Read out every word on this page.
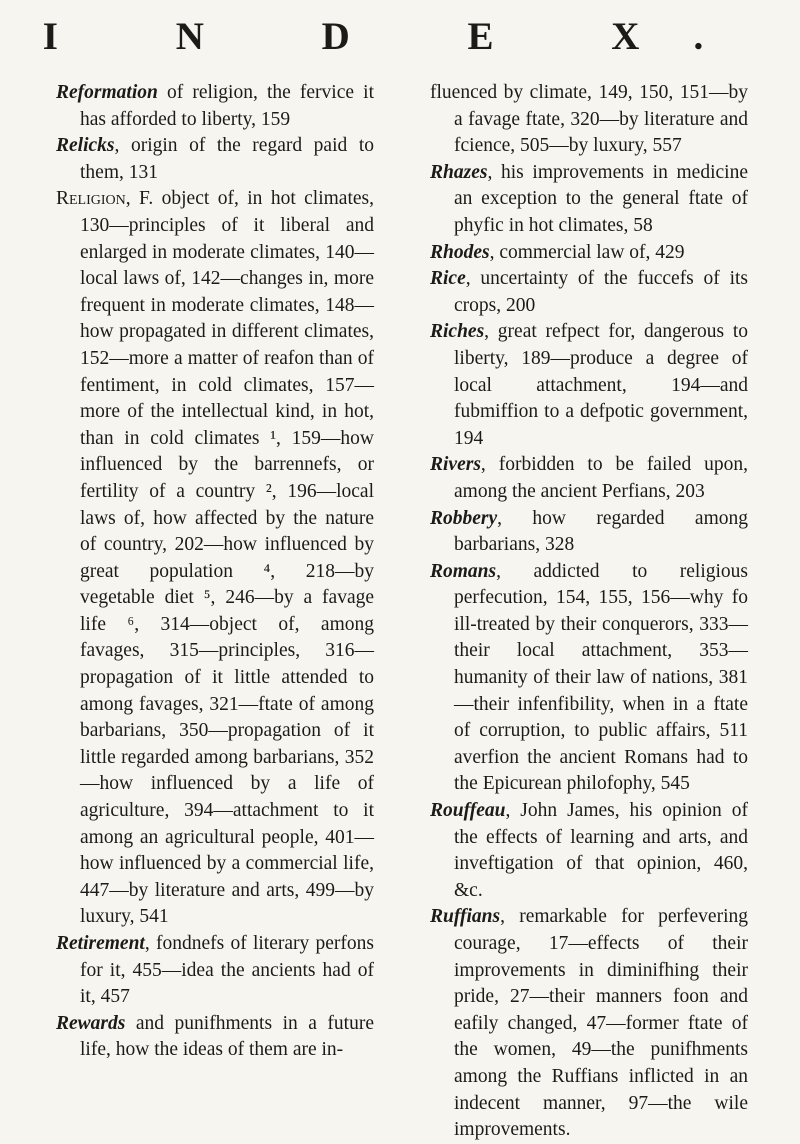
I N D E X.

Reformation of religion, the fervice it has afforded to liberty, 159

Relicks, origin of the regard paid to them, 131

Religion, F. object of, in hot climates, 130—principles of it liberal and enlarged in moderate climates, 140—local laws of, 142—changes in, more frequent in moderate climates, 148—how propagated in different climates, 152—more a matter of reafon than of fentiment, in cold climates, 157—more of the intellectual kind, in hot, than in cold climates ¹, 159—how influenced by the barrennefs, or fertility of a country ², 196—local laws of, how affected by the nature of country, 202—how influenced by great population ⁴, 218—by vegetable diet ⁵, 246—by a favage life ⁶, 314—object of, among favages, 315—principles, 316—propagation of it little attended to among favages, 321—ftate of among barbarians, 350—propagation of it little regarded among barbarians, 352—how influenced by a life of agriculture, 394—attachment to it among an agricultural people, 401—how influenced by a commercial life, 447—by literature and arts, 499—by luxury, 541

Retirement, fondnefs of literary perfons for it, 455—idea the ancients had of it, 457

Rewards and punifhments in a future life, how the ideas of them are in-

fluenced by climate, 149, 150, 151—by a favage ftate, 320—by literature and fcience, 505—by luxury, 557

Rhazes, his improvements in medicine an exception to the general ftate of phyfic in hot climates, 58

Rhodes, commercial law of, 429

Rice, uncertainty of the fuccefs of its crops, 200

Riches, great refpect for, dangerous to liberty, 189—produce a degree of local attachment, 194—and fubmiffion to a defpotic government, 194

Rivers, forbidden to be failed upon, among the ancient Perfians, 203

Robbery, how regarded among barbarians, 328

Romans, addicted to religious perfecution, 154, 155, 156—why fo ill-treated by their conquerors, 333—their local attachment, 353—humanity of their law of nations, 381—their infenfibility, when in a ftate of corruption, to public affairs, 511 averfion the ancient Romans had to the Epicurean philofophy, 545

Rouffeau, John James, his opinion of the effects of learning and arts, and inveftigation of that opinion, 460, &c.

Ruffians, remarkable for perfevering courage, 17—effects of their improvements in diminifhing their pride, 27—their manners foon and eafily changed, 47—former ftate of the women, 49—the punifhments among the Ruffians inflicted in an indecent manner, 97—the wile improvements.
